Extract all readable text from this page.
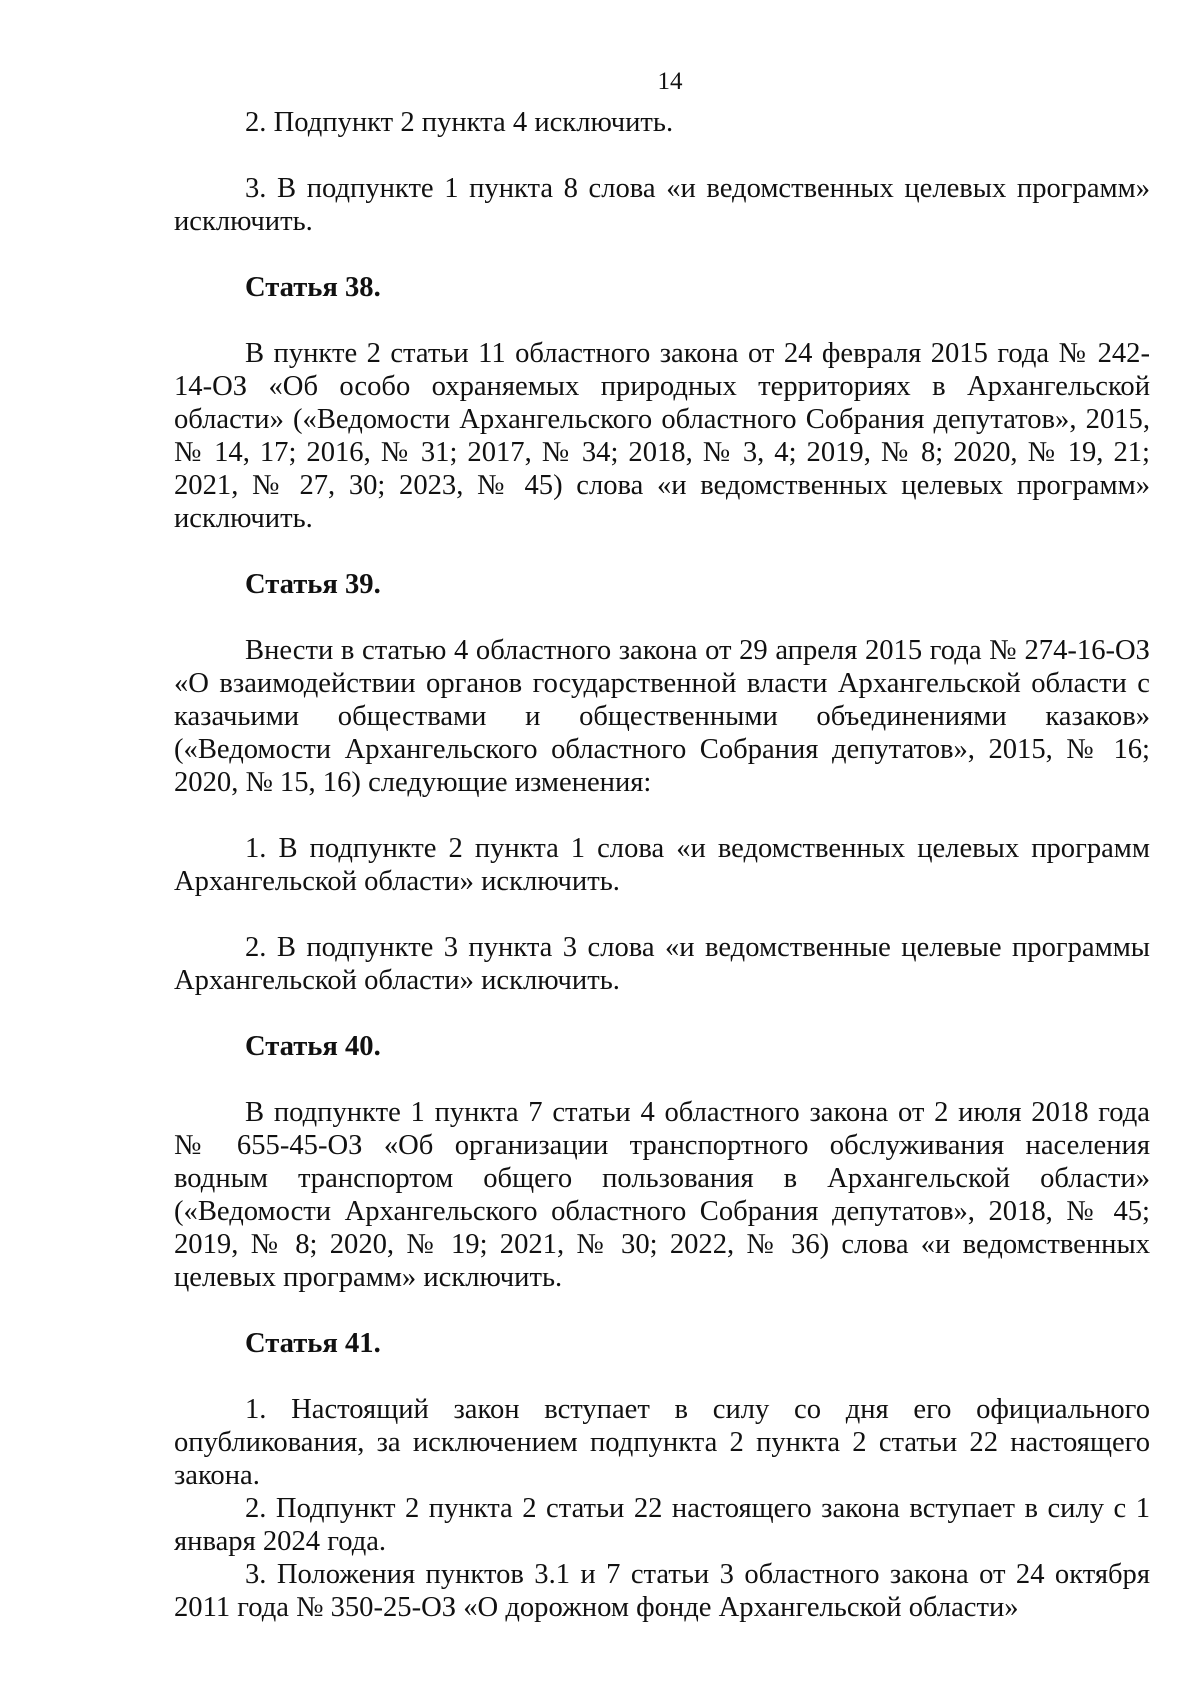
14

2. Подпункт 2 пункта 4 исключить.

3. В подпункте 1 пункта 8 слова «и ведомственных целевых программ» исключить.

Статья 38.

В пункте 2 статьи 11 областного закона от 24 февраля 2015 года № 242-14-ОЗ «Об особо охраняемых природных территориях в Архангельской области» («Ведомости Архангельского областного Собрания депутатов», 2015, № 14, 17; 2016, № 31; 2017, № 34; 2018, № 3, 4; 2019, № 8; 2020, № 19, 21; 2021, № 27, 30; 2023, № 45) слова «и ведомственных целевых программ» исключить.

Статья 39.

Внести в статью 4 областного закона от 29 апреля 2015 года № 274-16-ОЗ «О взаимодействии органов государственной власти Архангельской области с казачьими обществами и общественными объединениями казаков» («Ведомости Архангельского областного Собрания депутатов», 2015, № 16; 2020, № 15, 16) следующие изменения:

1. В подпункте 2 пункта 1 слова «и ведомственных целевых программ Архангельской области» исключить.

2. В подпункте 3 пункта 3 слова «и ведомственные целевые программы Архангельской области» исключить.

Статья 40.

В подпункте 1 пункта 7 статьи 4 областного закона от 2 июля 2018 года № 655-45-ОЗ «Об организации транспортного обслуживания населения водным транспортом общего пользования в Архангельской области» («Ведомости Архангельского областного Собрания депутатов», 2018, № 45; 2019, № 8; 2020, № 19; 2021, № 30; 2022, № 36) слова «и ведомственных целевых программ» исключить.

Статья 41.

1. Настоящий закон вступает в силу со дня его официального опубликования, за исключением подпункта 2 пункта 2 статьи 22 настоящего закона.

2. Подпункт 2 пункта 2 статьи 22 настоящего закона вступает в силу с 1 января 2024 года.

3. Положения пунктов 3.1 и 7 статьи 3 областного закона от 24 октября 2011 года № 350-25-ОЗ «О дорожном фонде Архангельской области»
